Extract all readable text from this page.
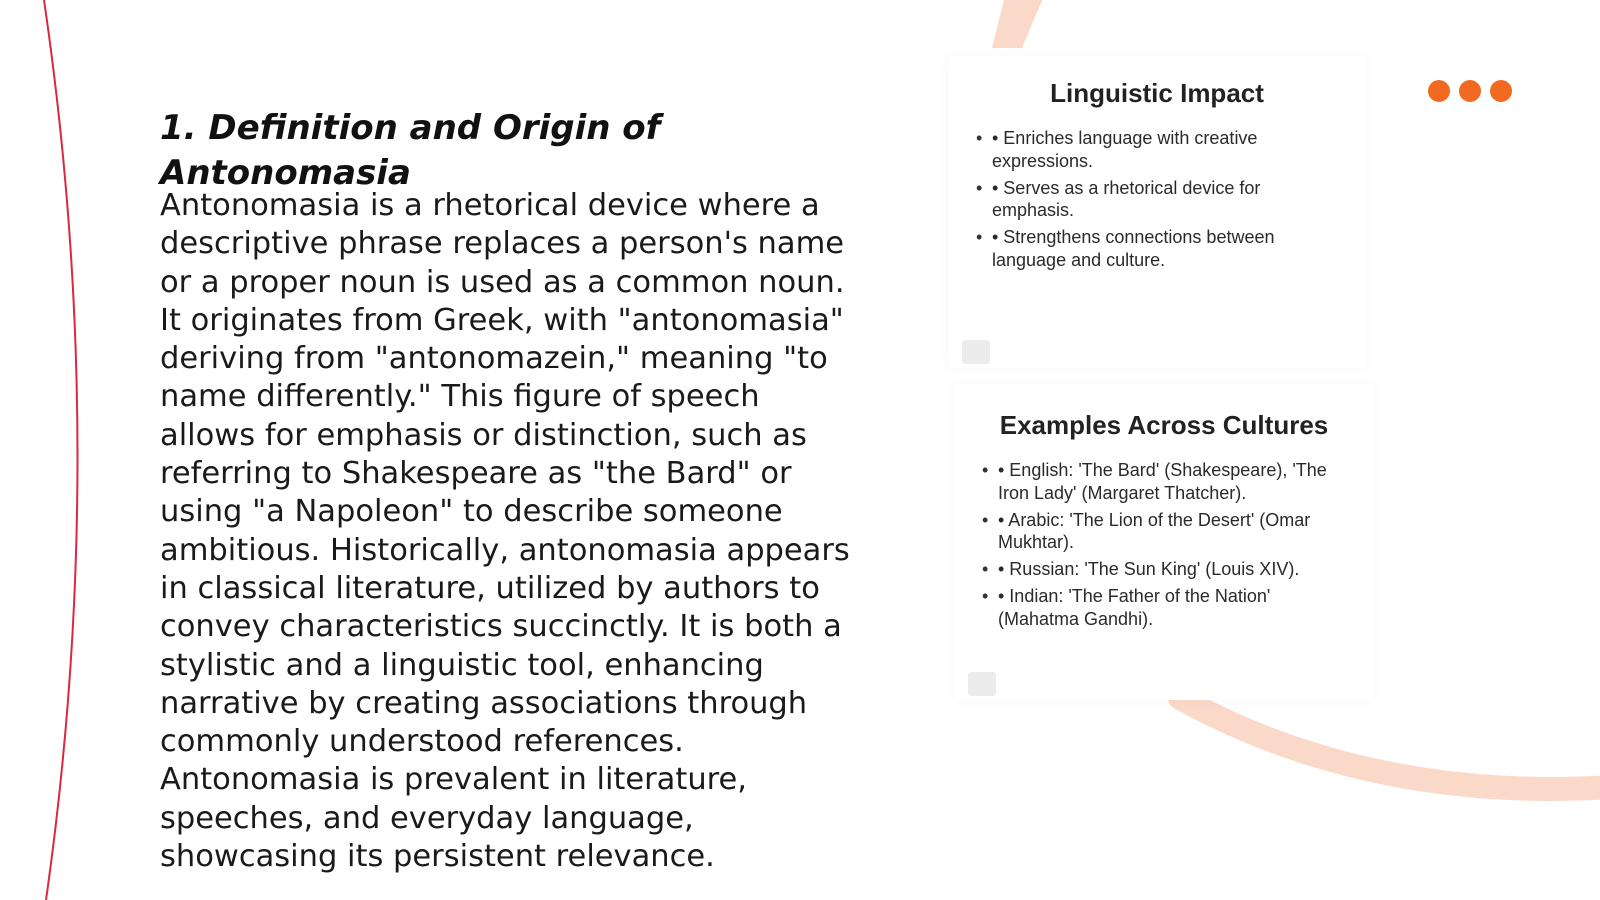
1. Definition and Origin of Antonomasia

Antonomasia is a rhetorical device where a descriptive phrase replaces a person's name or a proper noun is used as a common noun. It originates from Greek, with "antonomasia" deriving from "antonomazein," meaning "to name differently." This figure of speech allows for emphasis or distinction, such as referring to Shakespeare as "the Bard" or using "a Napoleon" to describe someone ambitious. Historically, antonomasia appears in classical literature, utilized by authors to convey characteristics succinctly. It is both a stylistic and a linguistic tool, enhancing narrative by creating associations through commonly understood references. Antonomasia is prevalent in literature, speeches, and everyday language, showcasing its persistent relevance.

Linguistic Impact
• • Enriches language with creative expressions.
• • Serves as a rhetorical device for emphasis.
• • Strengthens connections between language and culture.
Examples Across Cultures
• • English: 'The Bard' (Shakespeare), 'The Iron Lady' (Margaret Thatcher).
• • Arabic: 'The Lion of the Desert' (Omar Mukhtar).
• • Russian: 'The Sun King' (Louis XIV).
• • Indian: 'The Father of the Nation' (Mahatma Gandhi).
